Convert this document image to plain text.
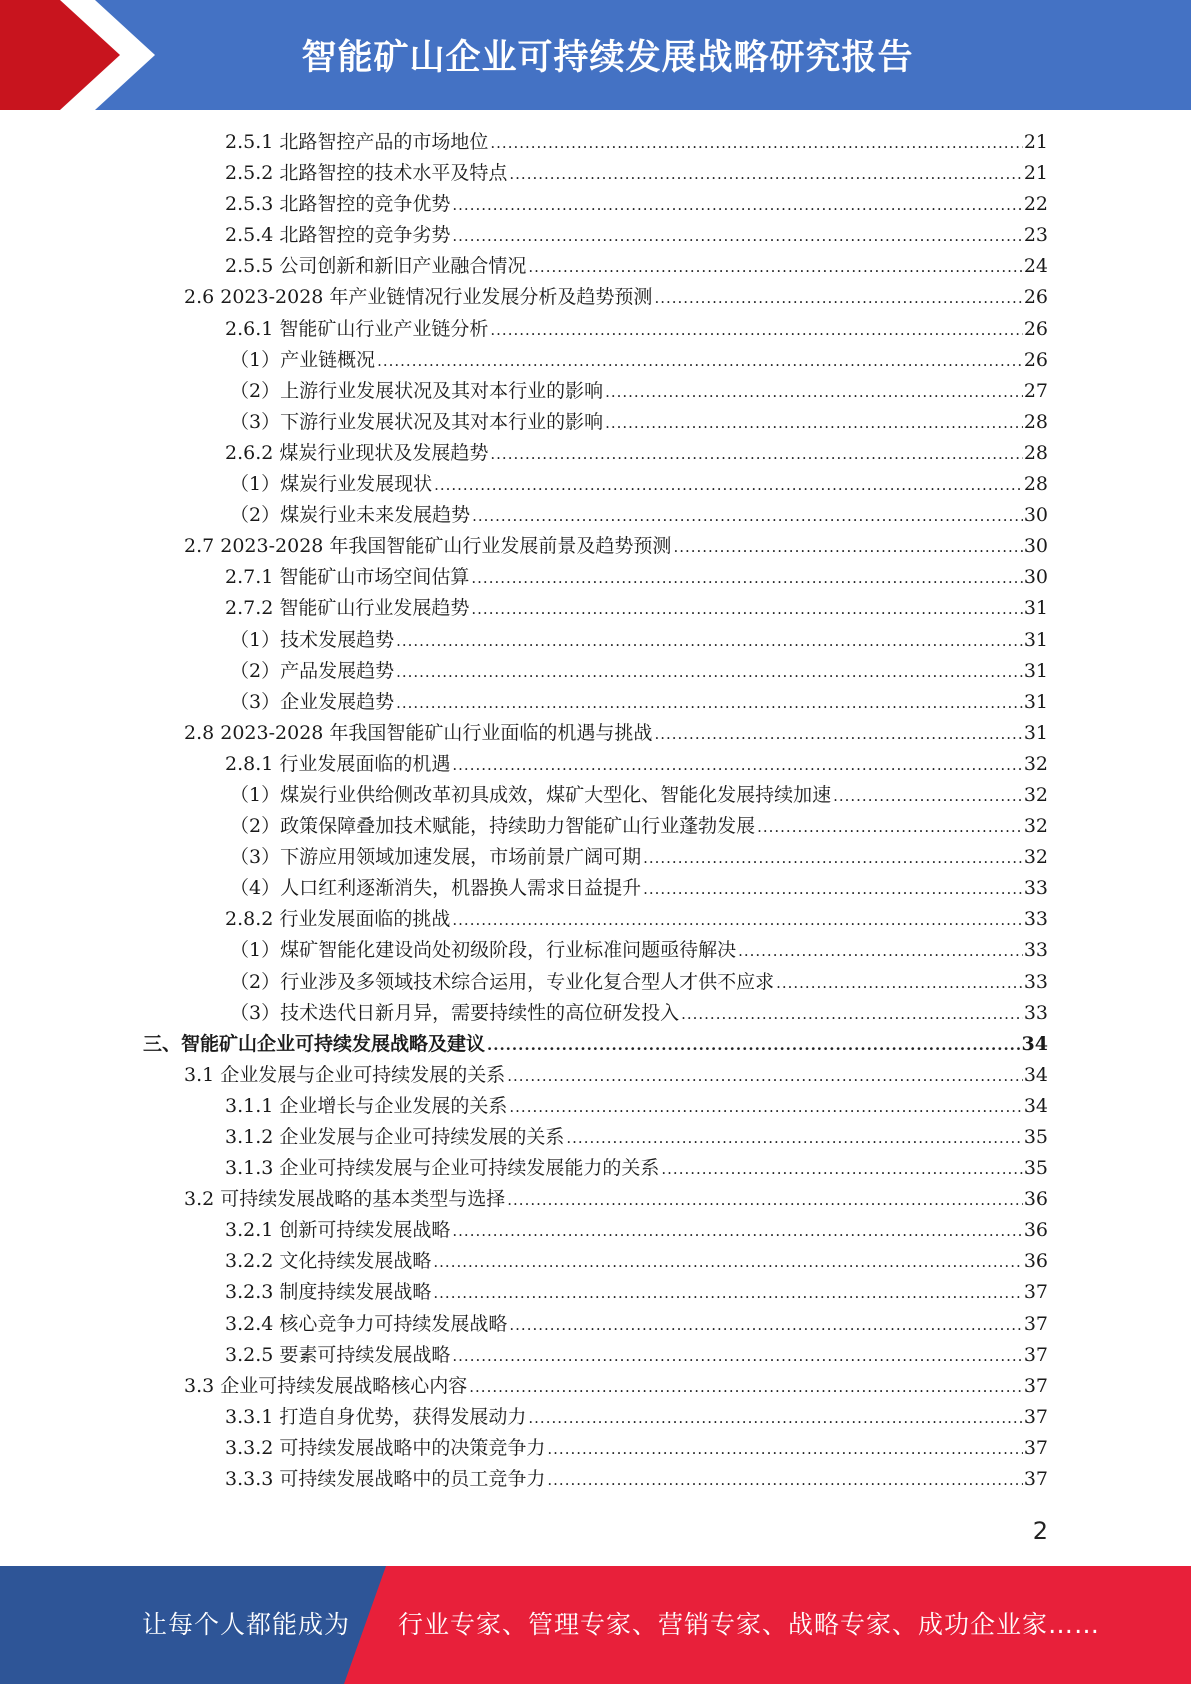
智能矿山企业可持续发展战略研究报告
2.5.1 北路智控产品的市场地位 .....	21
2.5.2 北路智控的技术水平及特点 .....	21
2.5.3 北路智控的竞争优势 .....	22
2.5.4 北路智控的竞争劣势 .....	23
2.5.5 公司创新和新旧产业融合情况 .....	24
2.6 2023-2028 年产业链情况行业发展分析及趋势预测 .....	26
2.6.1 智能矿山行业产业链分析 .....	26
（1）产业链概况 .....	26
（2）上游行业发展状况及其对本行业的影响 .....	27
（3）下游行业发展状况及其对本行业的影响 .....	28
2.6.2 煤炭行业现状及发展趋势 .....	28
（1）煤炭行业发展现状 .....	28
（2）煤炭行业未来发展趋势 .....	30
2.7 2023-2028 年我国智能矿山行业发展前景及趋势预测 .....	30
2.7.1 智能矿山市场空间估算 .....	30
2.7.2 智能矿山行业发展趋势 .....	31
（1）技术发展趋势 .....	31
（2）产品发展趋势 .....	31
（3）企业发展趋势 .....	31
2.8 2023-2028 年我国智能矿山行业面临的机遇与挑战 .....	31
2.8.1 行业发展面临的机遇 .....	32
（1）煤炭行业供给侧改革初具成效，煤矿大型化、智能化发展持续加速 .....	32
（2）政策保障叠加技术赋能，持续助力智能矿山行业蓬勃发展 .....	32
（3）下游应用领域加速发展，市场前景广阔可期 .....	32
（4）人口红利逐渐消失，机器换人需求日益提升 .....	33
2.8.2 行业发展面临的挑战 .....	33
（1）煤矿智能化建设尚处初级阶段，行业标准问题亟待解决 .....	33
（2）行业涉及多领域技术综合运用，专业化复合型人才供不应求 .....	33
（3）技术迭代日新月异，需要持续性的高位研发投入 .....	33
三、智能矿山企业可持续发展战略及建议 .....	34
3.1 企业发展与企业可持续发展的关系 .....	34
3.1.1 企业增长与企业发展的关系 .....	34
3.1.2 企业发展与企业可持续发展的关系 .....	35
3.1.3 企业可持续发展与企业可持续发展能力的关系 .....	35
3.2 可持续发展战略的基本类型与选择 .....	36
3.2.1 创新可持续发展战略 .....	36
3.2.2 文化持续发展战略 .....	36
3.2.3 制度持续发展战略 .....	37
3.2.4 核心竞争力可持续发展战略 .....	37
3.2.5 要素可持续发展战略 .....	37
3.3 企业可持续发展战略核心内容 .....	37
3.3.1 打造自身优势，获得发展动力 .....	37
3.3.2 可持续发展战略中的决策竞争力 .....	37
3.3.3 可持续发展战略中的员工竞争力 .....	37
2
让每个人都能成为 行业专家、管理专家、营销专家、战略专家、成功企业家……
